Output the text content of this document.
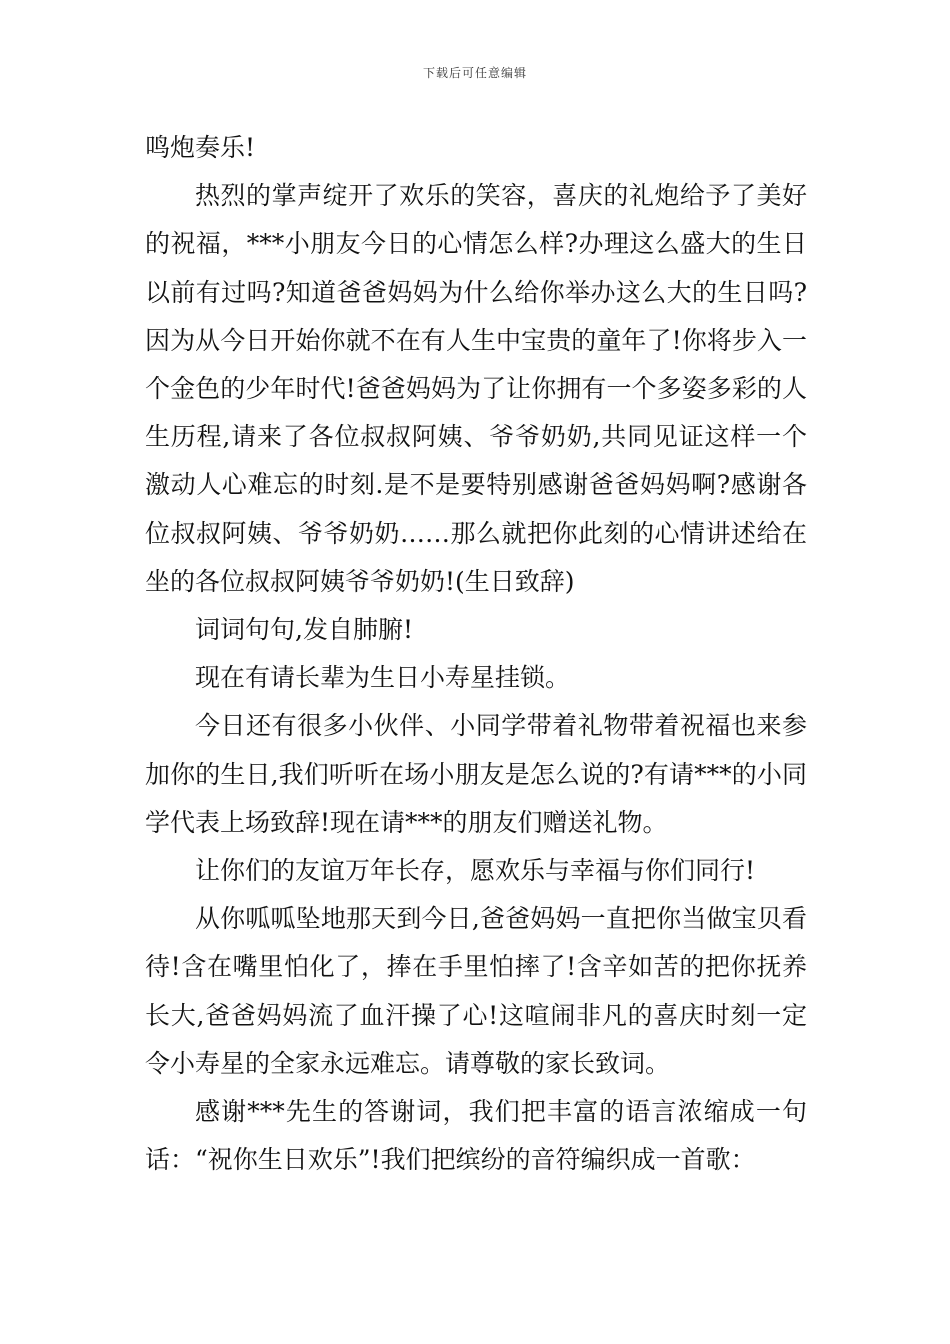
下载后可任意编辑

鸣炮奏乐!

热烈的掌声绽开了欢乐的笑容，喜庆的礼炮给予了美好的祝福，***小朋友今日的心情怎么样?办理这么盛大的生日以前有过吗?知道爸爸妈妈为什么给你举办这么大的生日吗?因为从今日开始你就不在有人生中宝贵的童年了!你将步入一个金色的少年时代!爸爸妈妈为了让你拥有一个多姿多彩的人生历程,请来了各位叔叔阿姨、爷爷奶奶,共同见证这样一个激动人心难忘的时刻.是不是要特别感谢爸爸妈妈啊?感谢各位叔叔阿姨、爷爷奶奶……那么就把你此刻的心情讲述给在坐的各位叔叔阿姨爷爷奶奶!(生日致辞)

词词句句,发自肺腑!

现在有请长辈为生日小寿星挂锁。

今日还有很多小伙伴、小同学带着礼物带着祝福也来参加你的生日,我们听听在场小朋友是怎么说的?有请***的小同学代表上场致辞!现在请***的朋友们赠送礼物。

让你们的友谊万年长存，愿欢乐与幸福与你们同行!

从你呱呱坠地那天到今日,爸爸妈妈一直把你当做宝贝看待!含在嘴里怕化了，捧在手里怕摔了!含辛如苦的把你抚养长大,爸爸妈妈流了血汗操了心!这喧闹非凡的喜庆时刻一定令小寿星的全家永远难忘。请尊敬的家长致词。

感谢***先生的答谢词，我们把丰富的语言浓缩成一句话：“祝你生日欢乐”!我们把缤纷的音符编织成一首歌：
